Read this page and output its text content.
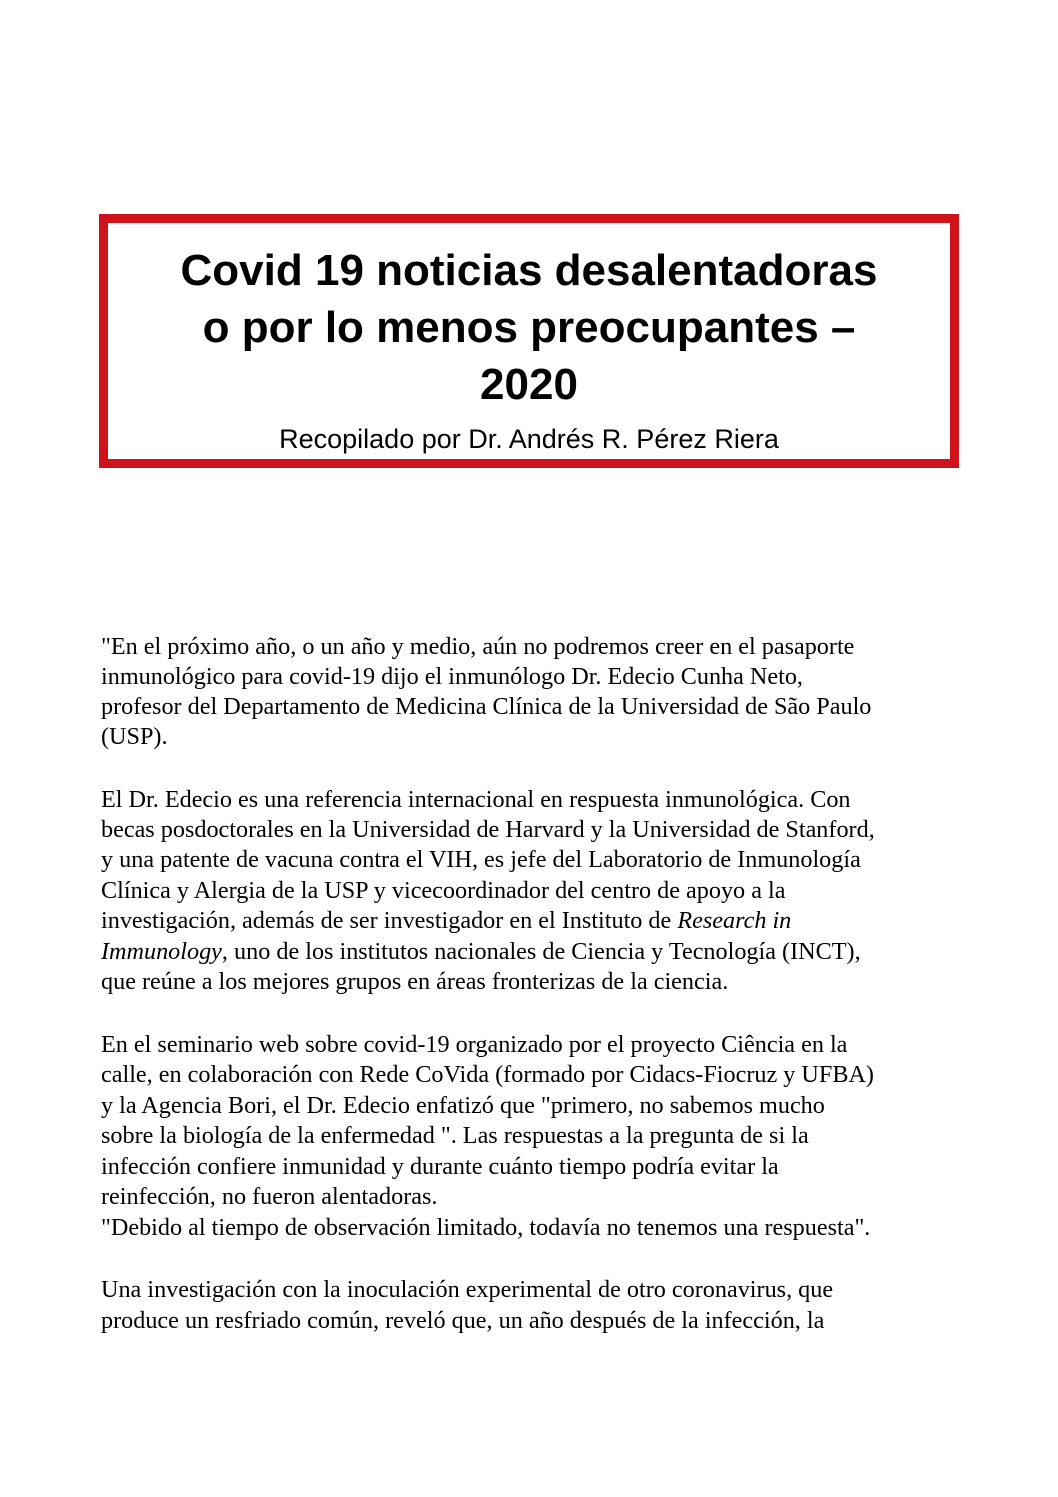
Covid 19 noticias desalentadoras
o por lo menos preocupantes –
2020
Recopilado por Dr. Andrés R. Pérez Riera
"En el próximo año, o un año y medio, aún no podremos creer en el pasaporte
inmunológico para covid-19 dijo el inmunólogo Dr. Edecio Cunha Neto,
profesor del Departamento de Medicina Clínica de la Universidad de São Paulo
(USP).
El Dr. Edecio es una referencia internacional en respuesta inmunológica. Con
becas posdoctorales en la Universidad de Harvard y la Universidad de Stanford,
y una patente de vacuna contra el VIH, es jefe del Laboratorio de Inmunología
Clínica y Alergia de la USP y vicecoordinador del centro de apoyo a la
investigación, además de ser investigador en el Instituto de Research in
Immunology, uno de los institutos nacionales de Ciencia y Tecnología (INCT),
que reúne a los mejores grupos en áreas fronterizas de la ciencia.
En el seminario web sobre covid-19 organizado por el proyecto Ciência en la
calle, en colaboración con Rede CoVida (formado por Cidacs-Fiocruz y UFBA)
y la Agencia Bori, el Dr. Edecio enfatizó que "primero, no sabemos mucho
sobre la biología de la enfermedad ". Las respuestas a la pregunta de si la
infección confiere inmunidad y durante cuánto tiempo podría evitar la
reinfección, no fueron alentadoras.
"Debido al tiempo de observación limitado, todavía no tenemos una respuesta".
Una investigación con la inoculación experimental de otro coronavirus, que
produce un resfriado común, reveló que, un año después de la infección, la
